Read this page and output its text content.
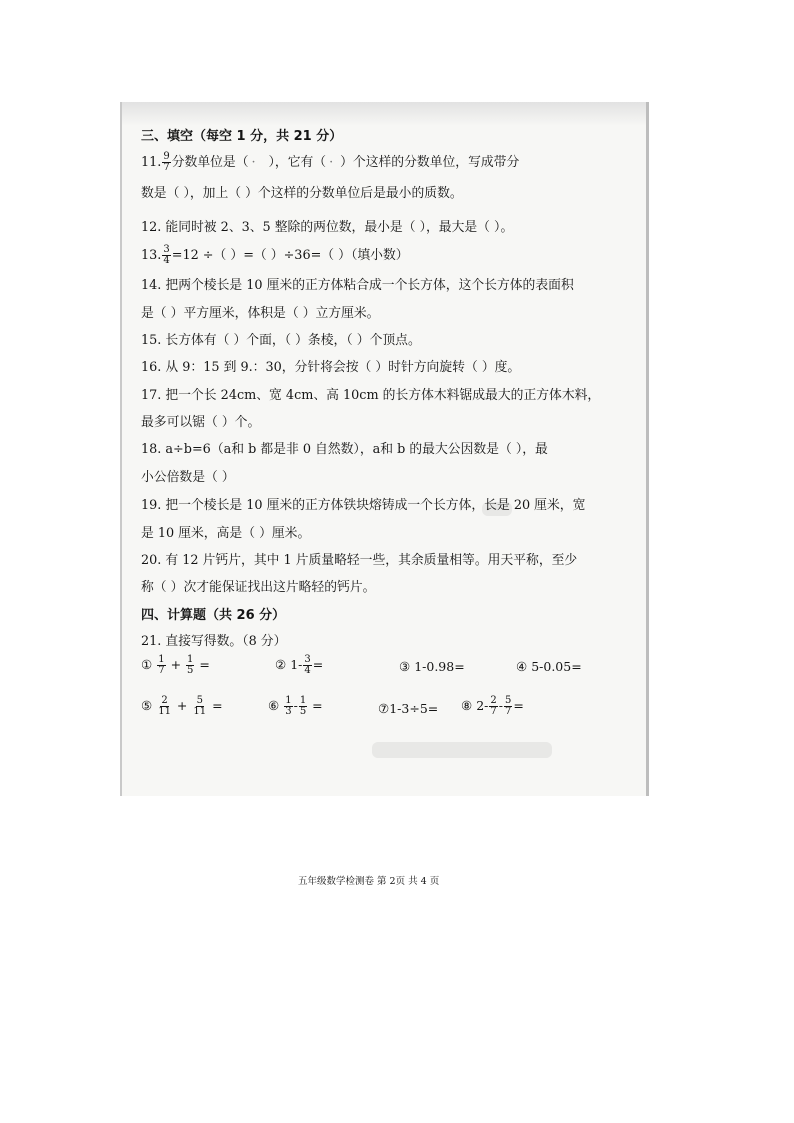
三、填空（每空 1 分，共 21 分）
11. $\frac{9}{7}$ 分数单位是（ · ），它有（ · ）个这样的分数单位，写成带分
数是（ ），加上（ ）个这样的分数单位后是最小的质数。
12. 能同时被 2、3、5 整除的两位数，最小是（ ），最大是（ ）。
13. $\frac{3}{4} =12$ ÷（ ）=（ ）÷36=（ ）（填小数）
14. 把两个棱长是 10 厘米的正方体粘合成一个长方体，这个长方体的表面积
是（ ）平方厘米，体积是（ ）立方厘米。
15. 长方体有（ ）个面，（ ）条棱，（ ）个顶点。
16. 从 9：15 到 9.：30，分针将会按（ ）时针方向旋转（ ）度。
17. 把一个长 24cm、宽 4cm、高 10cm 的长方体木料锯成最大的正方体木料，
最多可以锯（ ）个。
18. a÷b=6（a和 b 都是非 0 自然数），a和 b 的最大公因数是（ ），最
小公倍数是（ ）
19. 把一个棱长是 10 厘米的正方体铁块熔铸成一个长方体，长是 20 厘米，宽
是 10 厘米，高是（ ）厘米。
20. 有 12 片钙片，其中 1 片质量略轻一些，其余质量相等。用天平称，至少
称（ ）次才能保证找出这片略轻的钙片。
四、计算题（共 26 分）
21. 直接写得数。（8 分）
① $\frac{1}{7} + \frac{1}{5}$ =	② $1- \frac{3}{4}$ =	③ 1-0.98=	④ 5-0.05=
⑤ $\frac{2}{11} + \frac{5}{11}$ =	⑥ $\frac{1}{3} - \frac{1}{5}$ =	⑦1-3÷5= ⑧ $2- \frac{2}{7} - \frac{5}{7}$ =
五年级数学检测卷 第 2页 共 4 页
